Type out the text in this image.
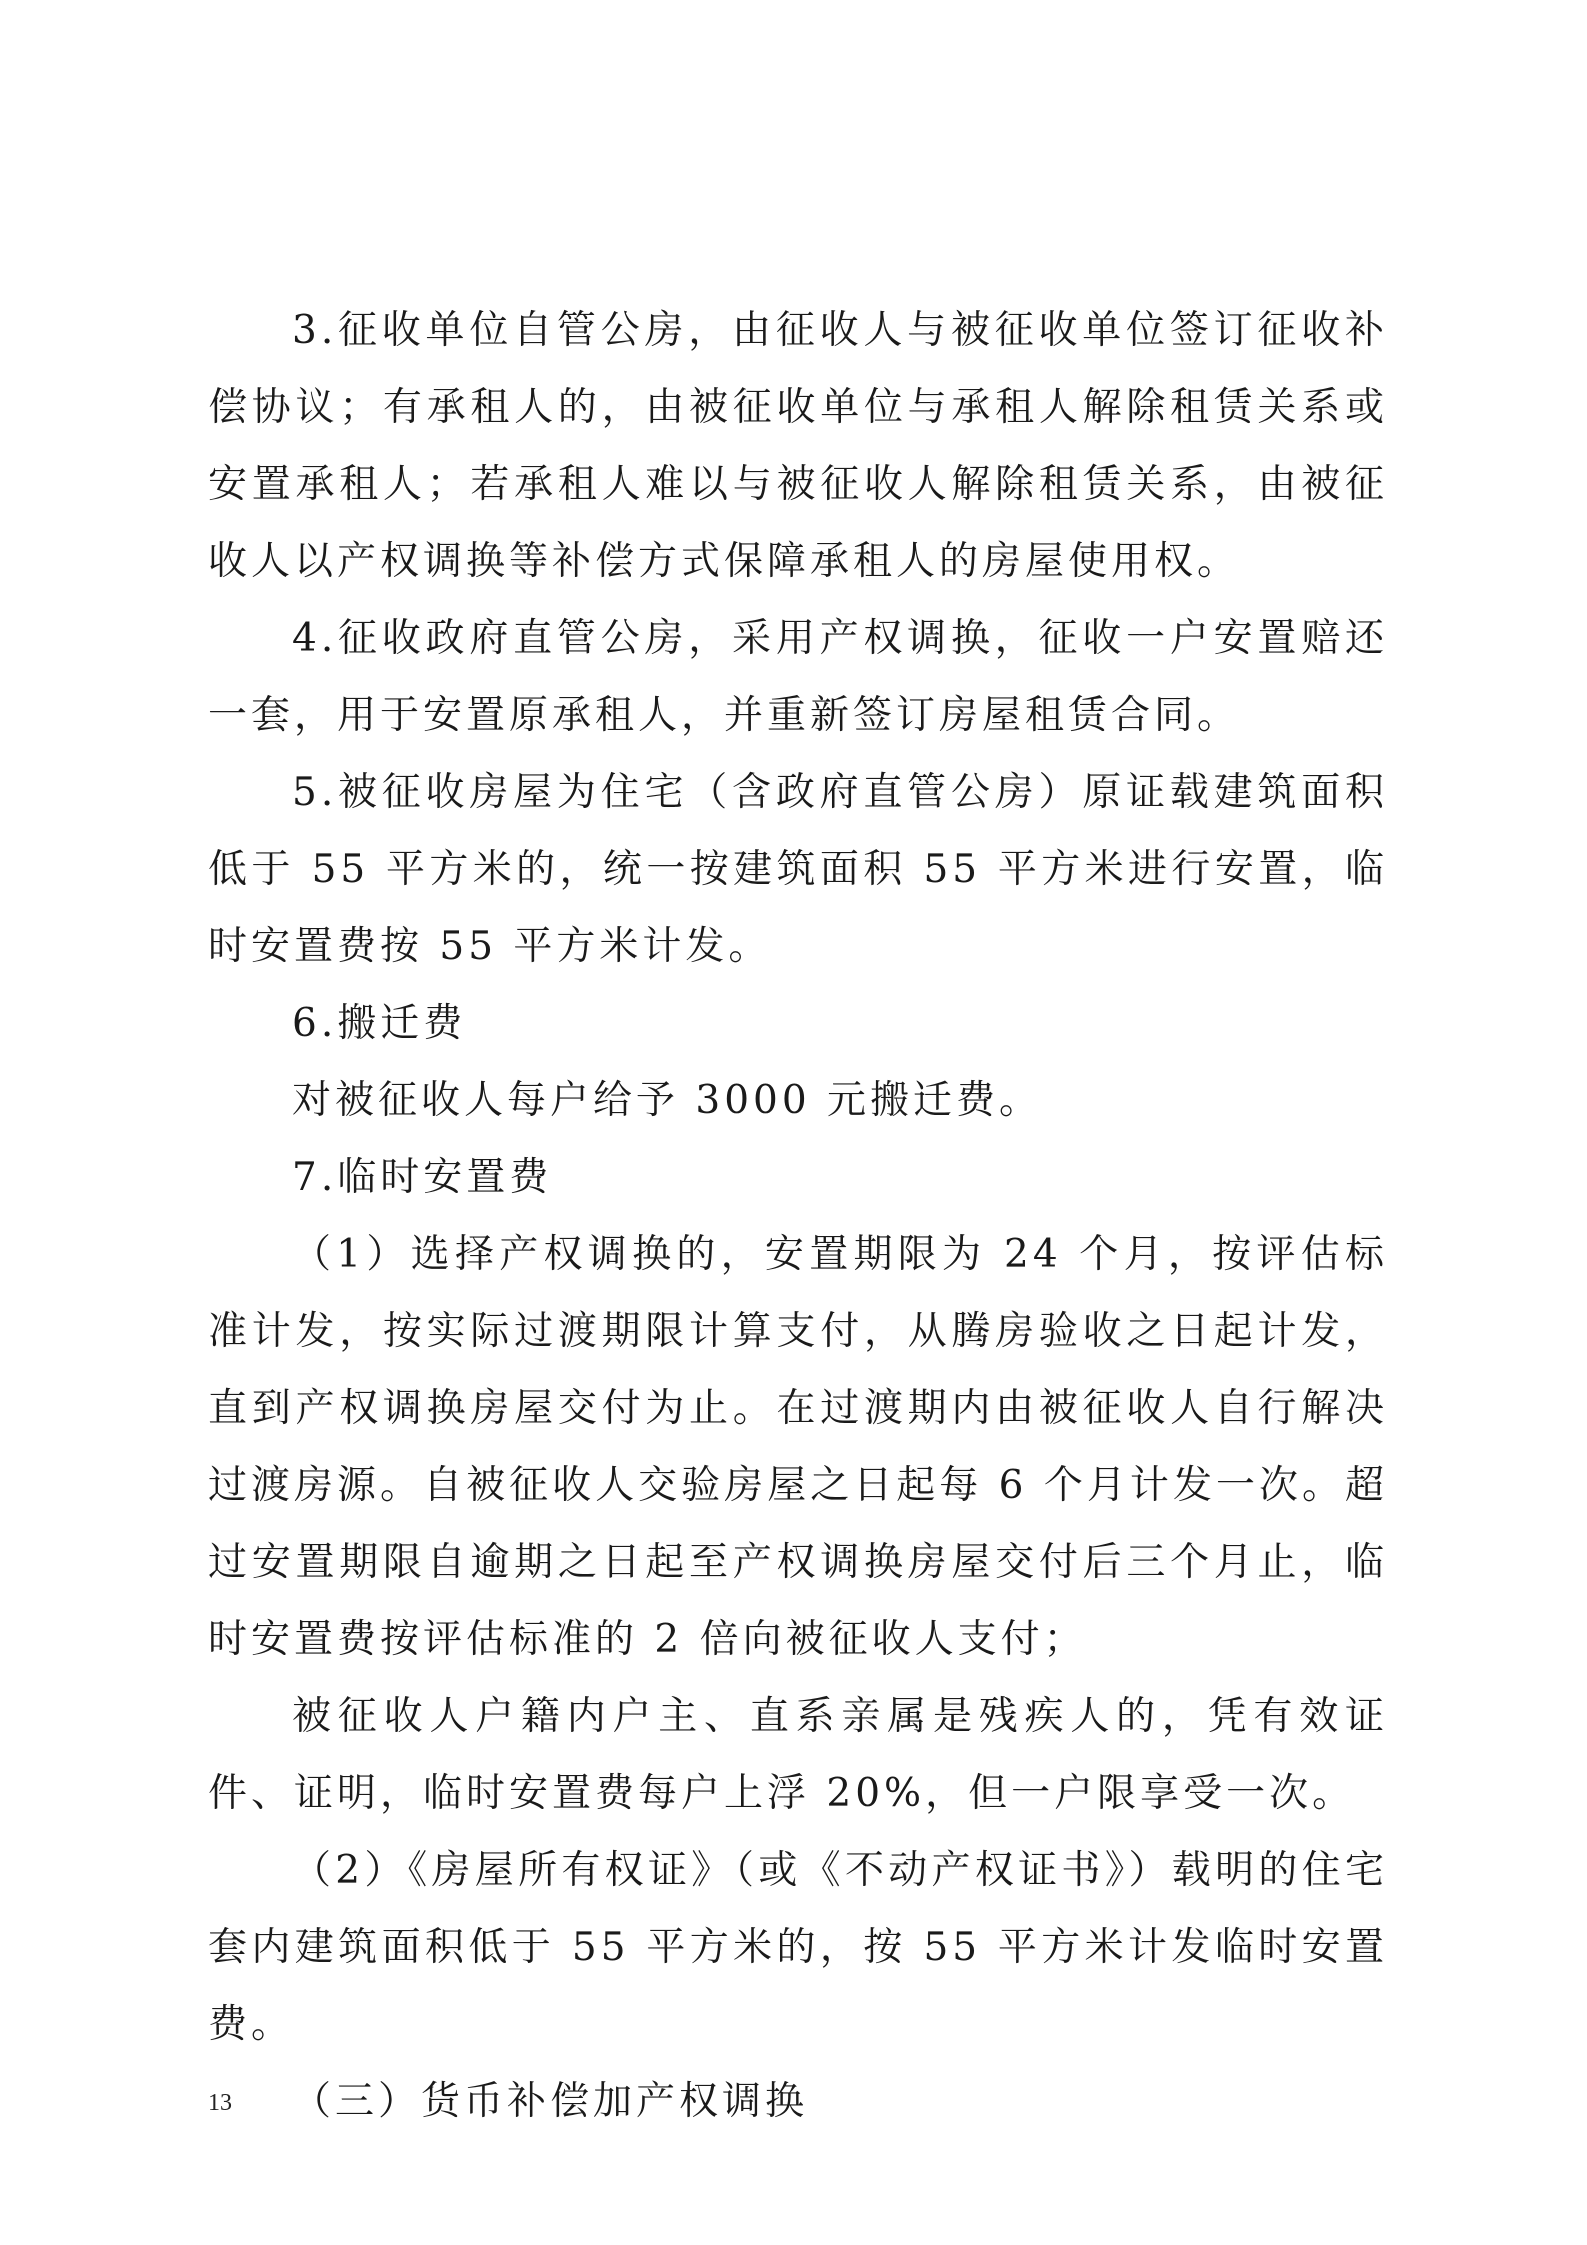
3.征收单位自管公房，由征收人与被征收单位签订征收补偿协议；有承租人的，由被征收单位与承租人解除租赁关系或安置承租人；若承租人难以与被征收人解除租赁关系，由被征收人以产权调换等补偿方式保障承租人的房屋使用权。

4.征收政府直管公房，采用产权调换，征收一户安置赔还一套，用于安置原承租人，并重新签订房屋租赁合同。

5.被征收房屋为住宅（含政府直管公房）原证载建筑面积低于 55 平方米的，统一按建筑面积 55 平方米进行安置，临时安置费按 55 平方米计发。

6.搬迁费

对被征收人每户给予 3000 元搬迁费。

7.临时安置费

（1）选择产权调换的，安置期限为 24 个月，按评估标准计发，按实际过渡期限计算支付，从腾房验收之日起计发，直到产权调换房屋交付为止。在过渡期内由被征收人自行解决过渡房源。自被征收人交验房屋之日起每 6 个月计发一次。超过安置期限自逾期之日起至产权调换房屋交付后三个月止，临时安置费按评估标准的 2 倍向被征收人支付；

被征收人户籍内户主、直系亲属是残疾人的，凭有效证件、证明，临时安置费每户上浮 20%，但一户限享受一次。

（2）《房屋所有权证》（或《不动产权证书》）载明的住宅套内建筑面积低于 55 平方米的，按 55 平方米计发临时安置费。

（三）货币补偿加产权调换

13
